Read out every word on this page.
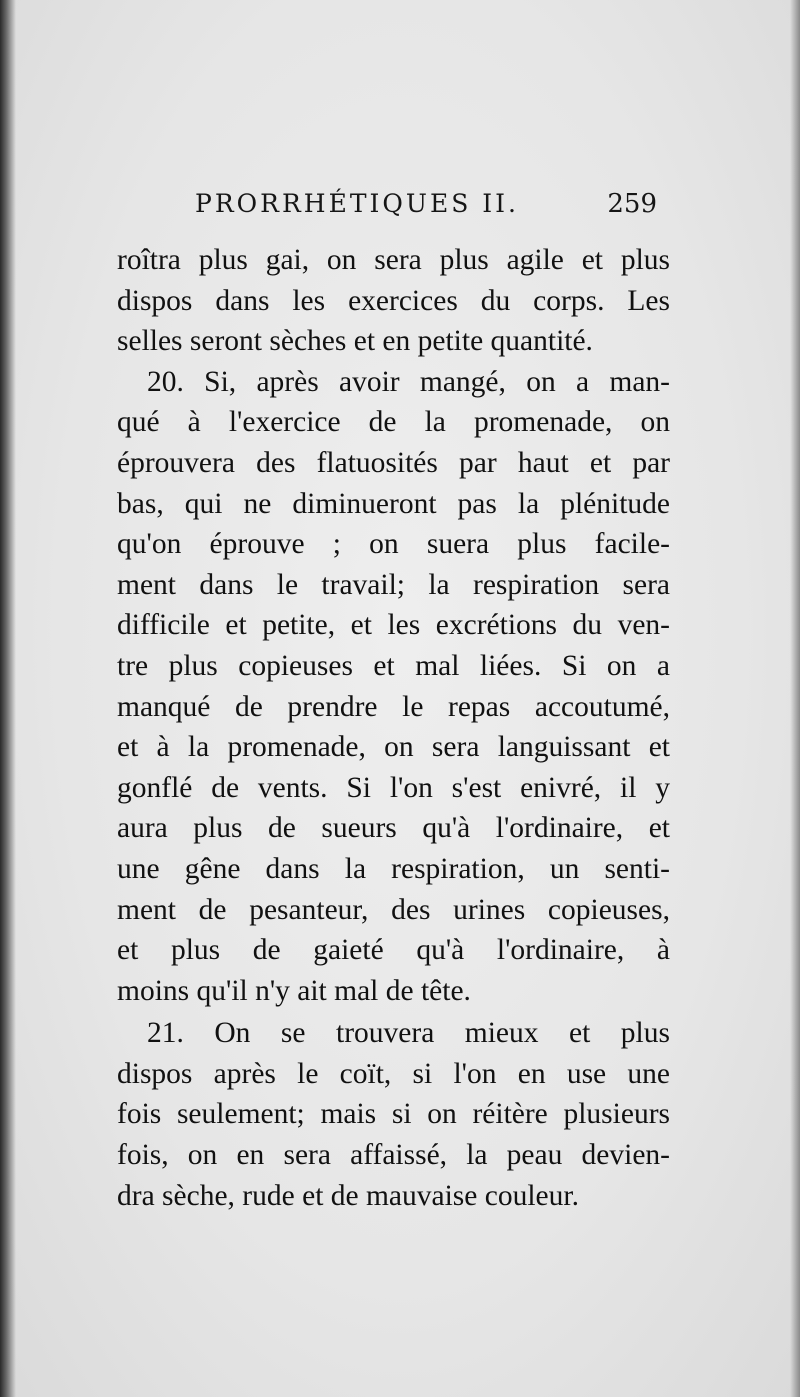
PRORRHÉTIQUES II.	259
roîtra plus gai, on sera plus agile et plus
dispos dans les exercices du corps. Les
selles seront sèches et en petite quantité.
20. Si, après avoir mangé, on a man-
qué à l'exercice de la promenade, on
éprouvera des flatuosités par haut et par
bas, qui ne diminueront pas la plénitude
qu'on éprouve ; on suera plus facile-
ment dans le travail; la respiration sera
difficile et petite, et les excrétions du ven-
tre plus copieuses et mal liées. Si on a
manqué de prendre le repas accoutumé,
et à la promenade, on sera languissant et
gonflé de vents. Si l'on s'est enivré, il y
aura plus de sueurs qu'à l'ordinaire, et
une gêne dans la respiration, un senti-
ment de pesanteur, des urines copieuses,
et plus de gaieté qu'à l'ordinaire, à
moins qu'il n'y ait mal de tête.
21. On se trouvera mieux et plus
dispos après le coït, si l'on en use une
fois seulement; mais si on réitère plusieurs
fois, on en sera affaissé, la peau devien-
dra sèche, rude et de mauvaise couleur.
